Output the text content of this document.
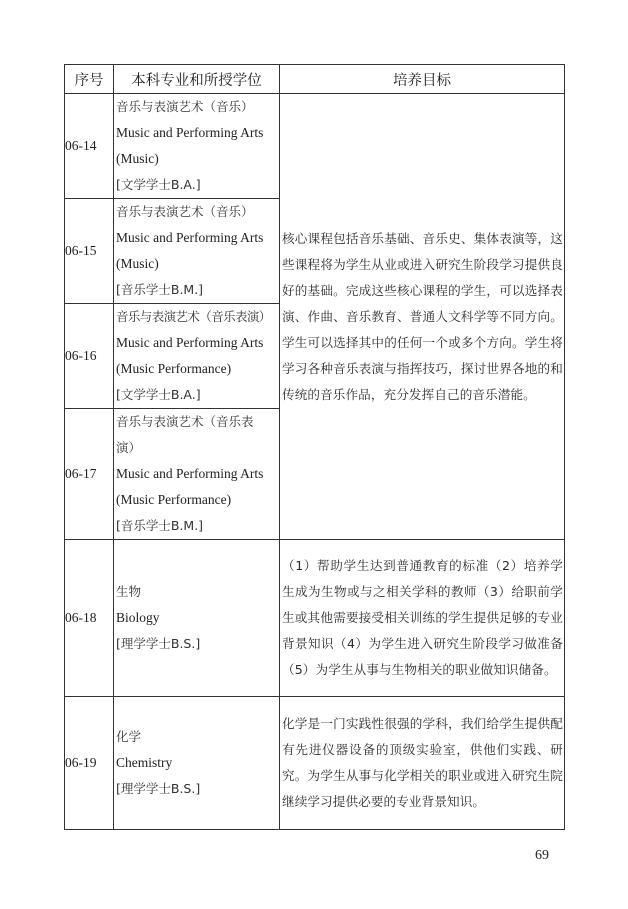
序号	本科专业和所授学位	培养目标
06-14	音乐与表演艺术（音乐）
Music and Performing Arts
(Music)
[文学学士B.A.]	核心课程包括音乐基础、音乐史、集体表演等，这些课程将为学生从业或进入研究生阶段学习提供良好的基础。完成这些核心课程的学生，可以选择表演、作曲、音乐教育、普通人文科学等不同方向。学生可以选择其中的任何一个或多个方向。学生将学习各种音乐表演与指挥技巧，探讨世界各地的和传统的音乐作品，充分发挥自己的音乐潜能。

06-15	音乐与表演艺术（音乐）
Music and Performing Arts
(Music)
[音乐学士B.M.]	

06-16	音乐与表演艺术（音乐表演）
Music and Performing Arts
(Music Performance)
[文学学士B.A.]	

06-17	音乐与表演艺术（音乐表
演）
Music and Performing Arts
(Music Performance)
[音乐学士B.M.]	

06-18	生物
Biology
[理学学士B.S.]	（1）帮助学生达到普通教育的标准（2）培养学生成为生物或与之相关学科的教师（3）给职前学生或其他需要接受相关训练的学生提供足够的专业背景知识（4）为学生进入研究生阶段学习做准备（5）为学生从事与生物相关的职业做知识储备。

06-19	化学
Chemistry
[理学学士B.S.]	化学是一门实践性很强的学科，我们给学生提供配有先进仪器设备的顶级实验室，供他们实践、研究。为学生从事与化学相关的职业或进入研究生院继续学习提供必要的专业背景知识。
69
